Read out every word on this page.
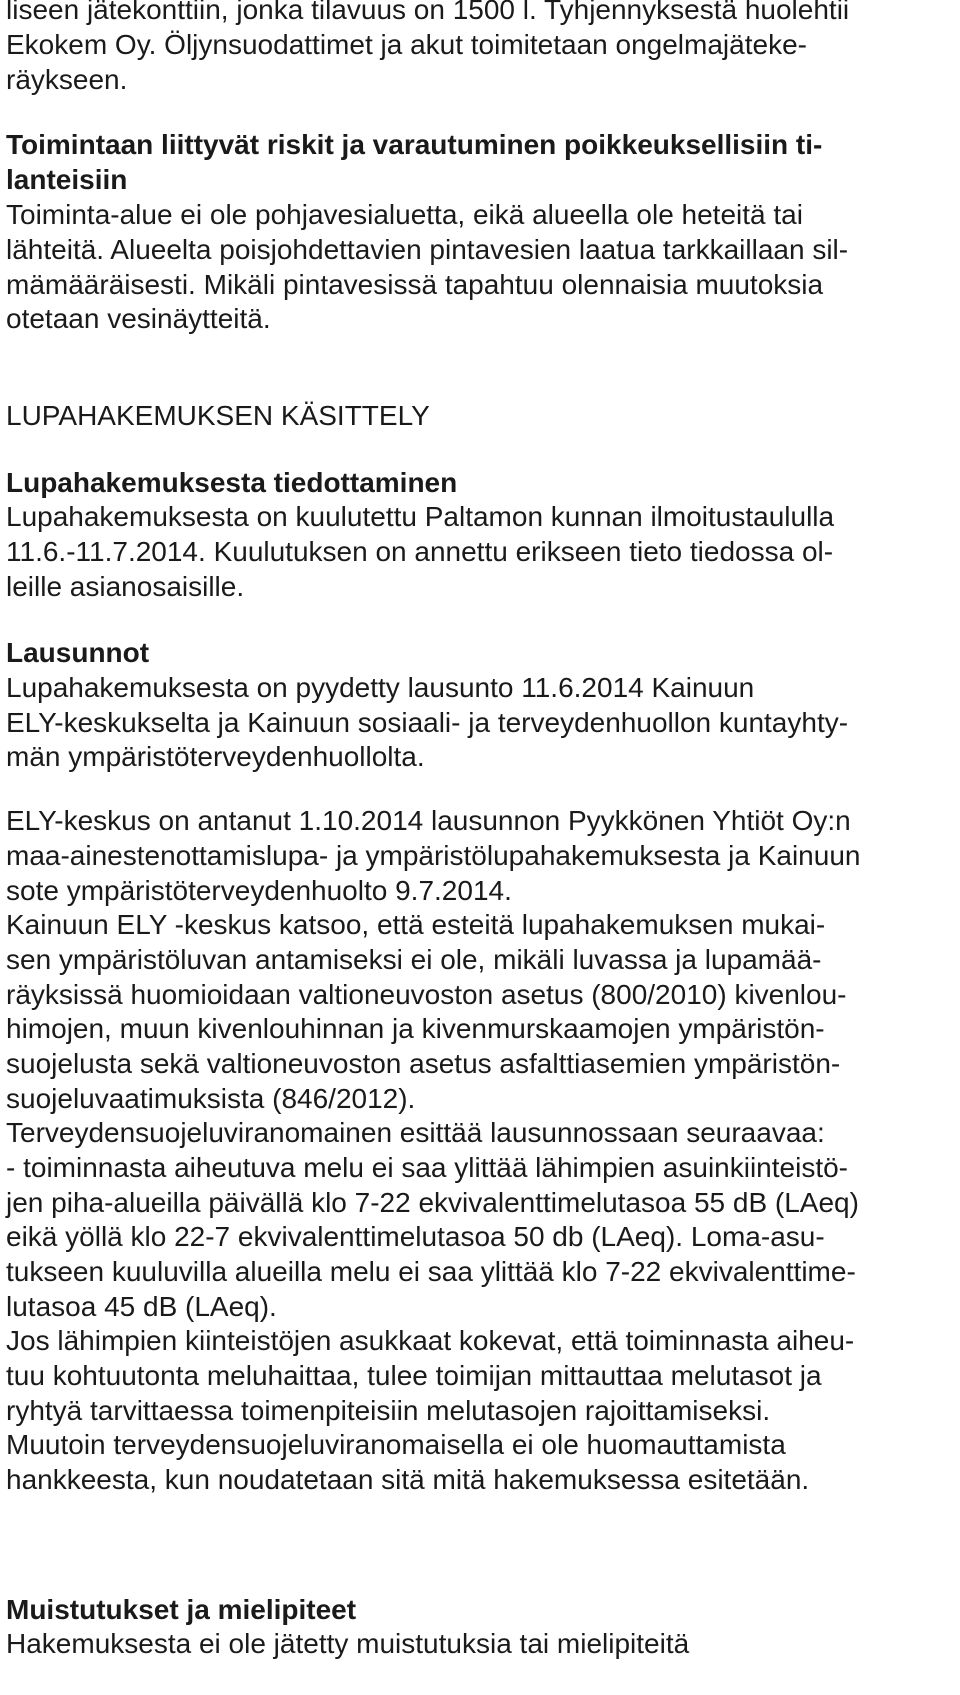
liseen jätekonttiin, jonka tilavuus on 1500 l. Tyhjennyksestä huolehtii
Ekokem Oy. Öljynsuodattimet ja akut toimitetaan ongelmajäteke-
räykseen.
Toimintaan liittyvät riskit ja varautuminen poikkeuksellisiin ti-
lanteisiin
Toiminta-alue ei ole pohjavesialuetta, eikä alueella ole heteitä tai
lähteitä. Alueelta poisjohdettavien pintavesien laatua tarkkaillaan sil-
mämääräisesti. Mikäli pintavesissä tapahtuu olennaisia muutoksia
otetaan vesinäytteitä.
LUPAHAKEMUKSEN KÄSITTELY
Lupahakemuksesta tiedottaminen
Lupahakemuksesta on kuulutettu Paltamon kunnan ilmoitustaululla
11.6.-11.7.2014. Kuulutuksen on annettu erikseen tieto tiedossa ol-
leille asianosaisille.
Lausunnot
Lupahakemuksesta on pyydetty lausunto 11.6.2014 Kainuun
ELY-keskukselta ja Kainuun sosiaali- ja terveydenhuollon kuntayhty-
män ympäristöterveydenhuollolta.
ELY-keskus on antanut 1.10.2014 lausunnon Pyykkönen Yhtiöt Oy:n
maa-ainestenottamislupa- ja ympäristölupahakemuksesta ja Kainuun
sote ympäristöterveydenhuolto 9.7.2014.
Kainuun ELY -keskus katsoo, että esteitä lupahakemuksen mukai-
sen ympäristöluvan antamiseksi ei ole, mikäli luvassa ja lupamää-
räyksissä huomioidaan valtioneuvoston asetus (800/2010) kivenlou-
himojen, muun kivenlouhinnan ja kivenmurskaamojen ympäristön-
suojelusta sekä valtioneuvoston asetus asfalttiasemien ympäristön-
suojeluvaatimuksista (846/2012).
Terveydensuojeluviranomainen esittää lausunnossaan seuraavaa:
- toiminnasta aiheutuva melu ei saa ylittää lähimpien asuinkiinteistö-
jen piha-alueilla päivällä klo 7-22 ekvivalenttimelutasoa 55 dB (LAeq)
eikä yöllä klo 22-7 ekvivalenttimelutasoa 50 db (LAeq). Loma-asu-
tukseen kuuluvilla alueilla melu ei saa ylittää klo 7-22 ekvivalenttime-
lutasoa 45 dB (LAeq).
Jos lähimpien kiinteistöjen asukkaat kokevat, että toiminnasta aiheu-
tuu kohtuutonta meluhaittaa, tulee toimijan mittauttaa melutasot ja
ryhtyä tarvittaessa toimenpiteisiin melutasojen rajoittamiseksi.
Muutoin terveydensuojeluviranomaisella ei ole huomauttamista
hankkeesta, kun noudatetaan sitä mitä hakemuksessa esitetään.
Muistutukset ja mielipiteet
Hakemuksesta ei ole jätetty muistutuksia tai mielipiteitä
